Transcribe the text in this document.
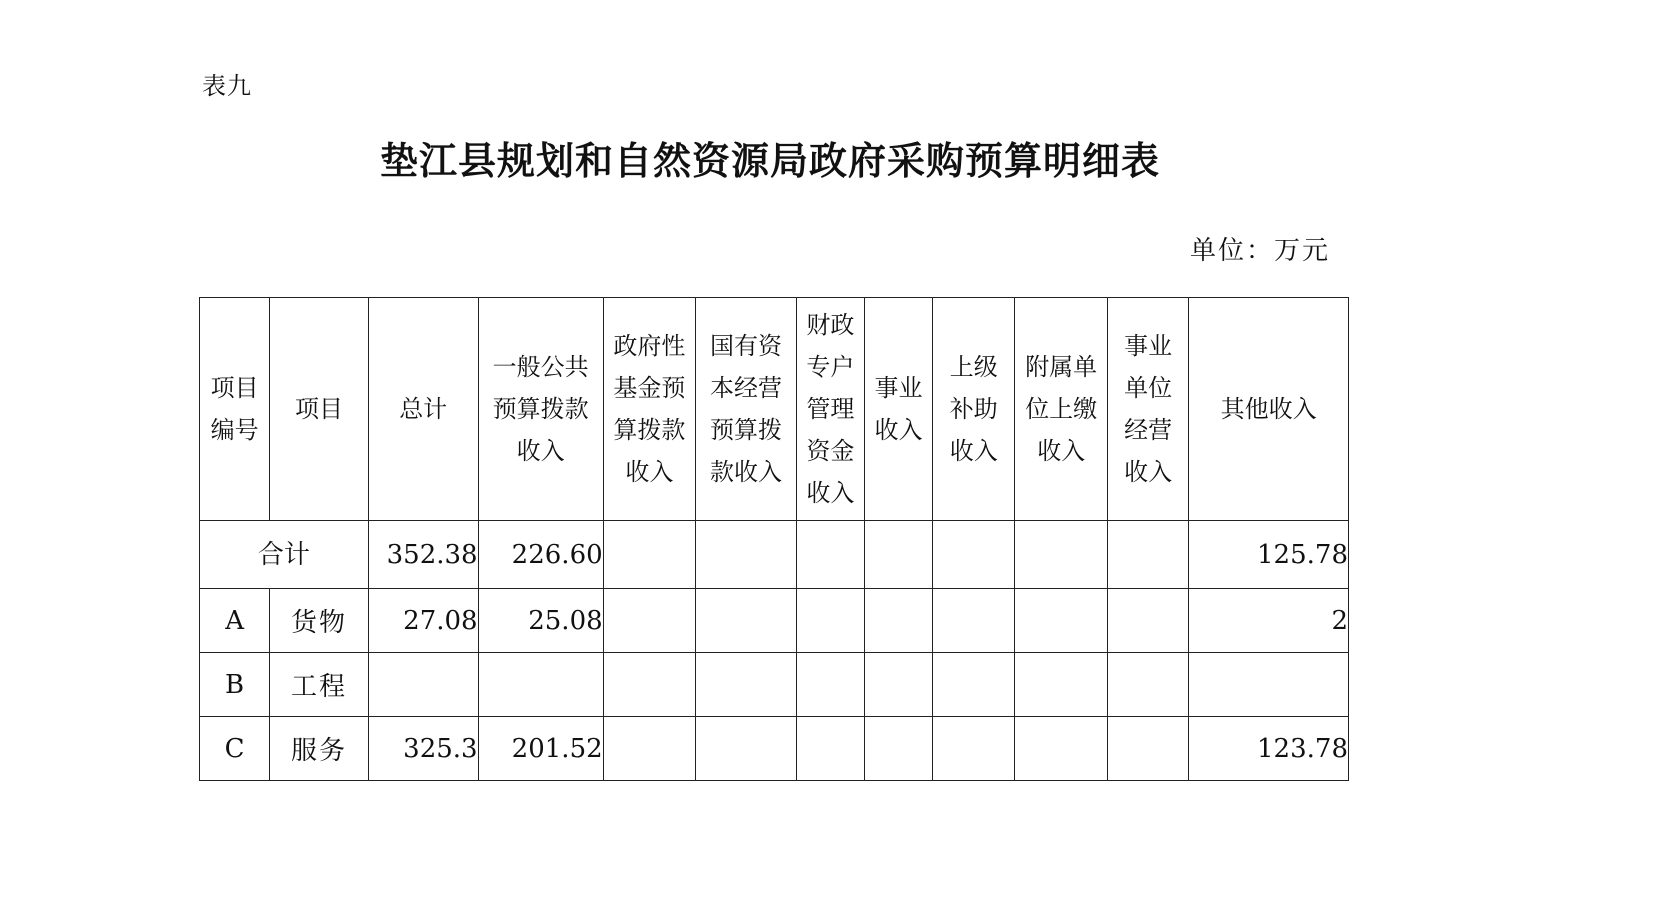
表九
垫江县规划和自然资源局政府采购预算明细表
单位：万元
项目编号	项目	总计	一般公共预算拨款收入	政府性基金预算拨款收入	国有资本经营预算拨款收入	财政专户管理资金收入	事业收入	上级补助收入	附属单位上缴收入	事业单位经营收入	其他收入
合计		352.38	226.60								125.78
A	货物	27.08	25.08								2
B	工程										
C	服务	325.3	201.52								123.78
